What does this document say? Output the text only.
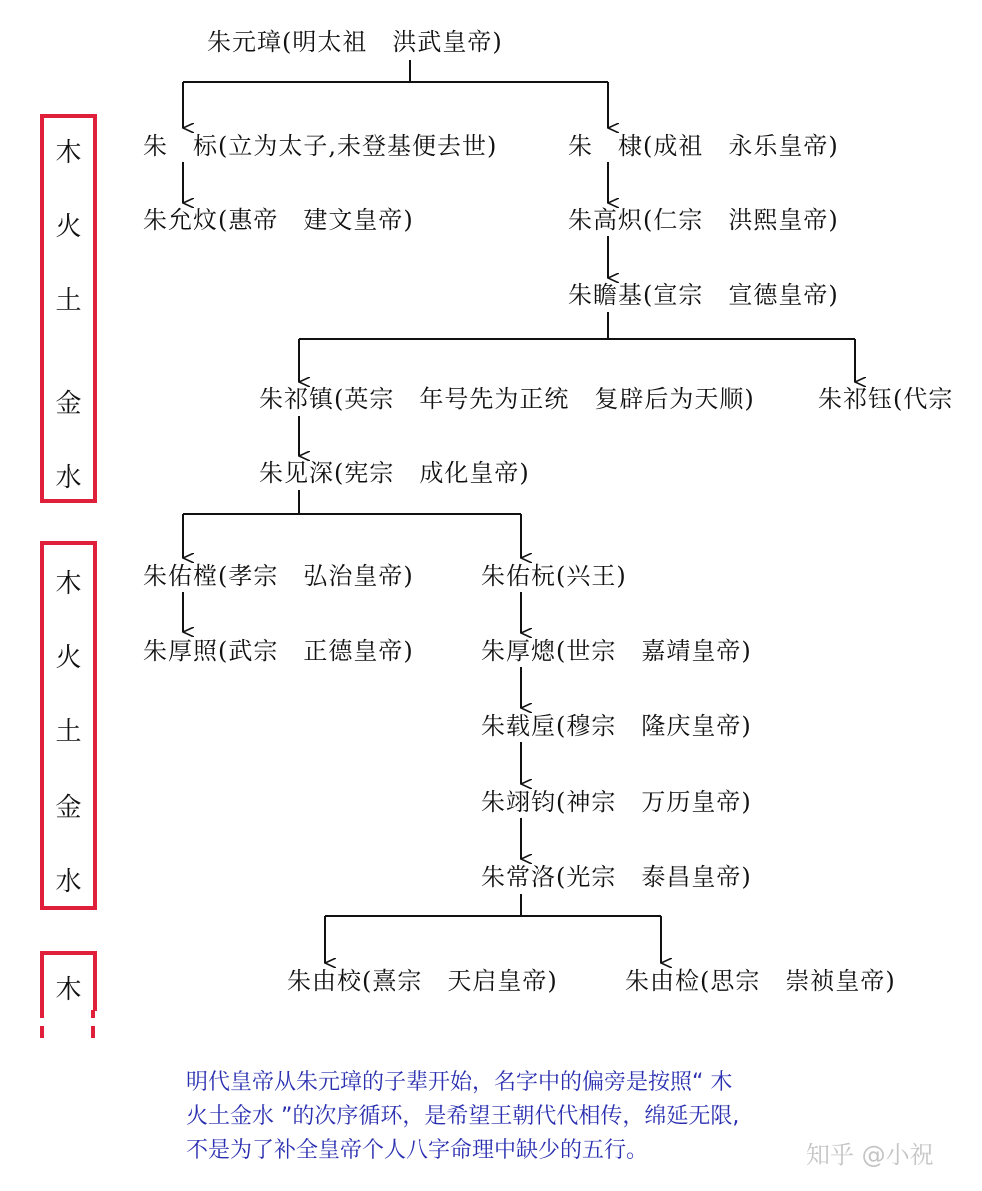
朱元璋(明太祖　洪武皇帝)
朱　标(立为太子,未登基便去世)	朱　棣(成祖　永乐皇帝)
朱允炆(惠帝　建文皇帝)	朱高炽(仁宗　洪熙皇帝)
朱瞻基(宣宗　宣德皇帝)
朱祁镇(英宗　年号先为正统　复辟后为天顺)	朱祁钰(代宗
朱见深(宪宗　成化皇帝)
朱佑樘(孝宗　弘治皇帝)	朱佑杬(兴王)
朱厚照(武宗　正德皇帝)	朱厚熜(世宗　嘉靖皇帝)
朱载垕(穆宗　隆庆皇帝)
朱翊钧(神宗　万历皇帝)
朱常洛(光宗　泰昌皇帝)
朱由校(熹宗　天启皇帝)	朱由检(思宗　崇祯皇帝)
木
火
土
金
水
木
火
土
金
水
木
明代皇帝从朱元璋的子辈开始，名字中的偏旁是按照“ 木
火土金水 ”的次序循环，是希望王朝代代相传，绵延无限,
不是为了补全皇帝个人八字命理中缺少的五行。	知乎 @小祝
